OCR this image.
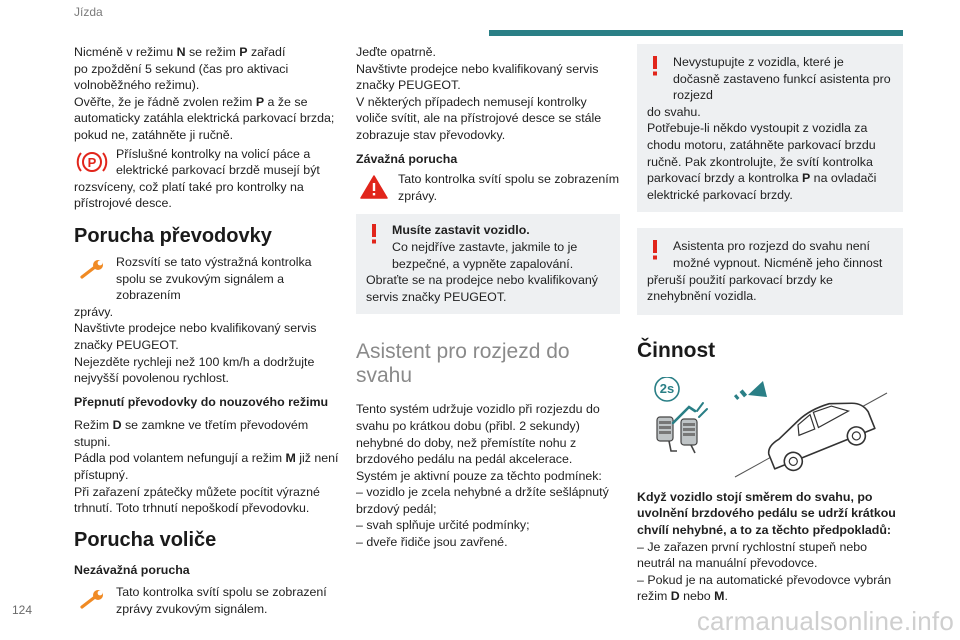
Jízda

Nicméně v režimu N se režim P zařadí
po zpoždění 5 sekund (čas pro aktivaci
volnoběžného režimu).

Ověřte, že je řádně zvolen režim P a že se automaticky zatáhla elektrická parkovací brzda; pokud ne, zatáhněte ji ručně.

P

Příslušné kontrolky na volicí páce a elektrické parkovací brzdě musejí být

rozsvíceny, což platí také pro kontrolky na přístrojové desce.

Porucha převodovky

Rozsvítí se tato výstražná kontrolka spolu se zvukovým signálem a zobrazením

zprávy.

Navštivte prodejce nebo kvalifikovaný servis značky PEUGEOT.

Nejezděte rychleji než 100 km/h a dodržujte nejvyšší povolenou rychlost.

Přepnutí převodovky do nouzového režimu

Režim D se zamkne ve třetím převodovém stupni.

Pádla pod volantem nefungují a režim M již není přístupný.

Při zařazení zpátečky můžete pocítit výrazné trhnutí. Toto trhnutí nepoškodí převodovku.

Porucha voliče
Nezávažná porucha

Tato kontrolka svítí spolu se zobrazení zprávy zvukovým signálem.

Jeďte opatrně.

Navštivte prodejce nebo kvalifikovaný servis značky PEUGEOT.

V některých případech nemusejí kontrolky voliče svítit, ale na přístrojové desce se stále zobrazuje stav převodovky.

Závažná porucha

Tato kontrolka svítí spolu se zobrazením zprávy.

Musíte zastavit vozidlo.

Co nejdříve zastavte, jakmile to je bezpečné, a vypněte zapalování.

Obraťte se na prodejce nebo kvalifikovaný servis značky PEUGEOT.

Asistent pro rozjezd do svahu

Tento systém udržuje vozidlo při rozjezdu do svahu po krátkou dobu (přibl. 2 sekundy) nehybné do doby, než přemístíte nohu z brzdového pedálu na pedál akcelerace.

Systém je aktivní pouze za těchto podmínek:

– vozidlo je zcela nehybné a držíte sešlápnutý brzdový pedál;

– svah splňuje určité podmínky;

– dveře řidiče jsou zavřené.

Nevystupujte z vozidla, které je dočasně zastaveno funkcí asistenta pro rozjezd

do svahu.

Potřebuje-li někdo vystoupit z vozidla za chodu motoru, zatáhněte parkovací brzdu ručně. Pak zkontrolujte, že svítí kontrolka parkovací brzdy a kontrolka P na ovladači elektrické parkovací brzdy.

Asistenta pro rozjezd do svahu není možné vypnout. Nicméně jeho činnost

přeruší použití parkovací brzdy ke znehybnění vozidla.

Činnost
2s

Když vozidlo stojí směrem do svahu, po uvolnění brzdového pedálu se udrží krátkou chvílí nehybné, a to za těchto předpokladů:

– Je zařazen první rychlostní stupeň nebo neutrál na manuální převodovce.

– Pokud je na automatické převodovce vybrán režim D nebo M.

124	carmanualsonline.info
